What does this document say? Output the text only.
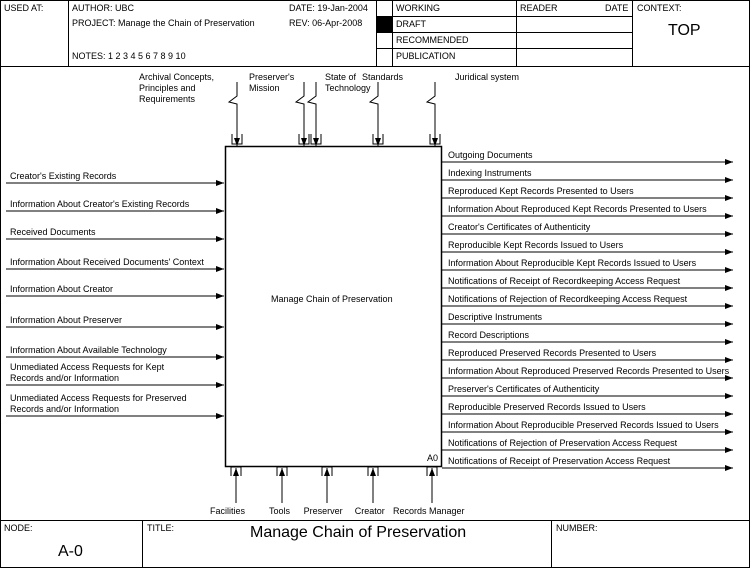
USED AT:	AUTHOR: UBC
PROJECT: Manage the Chain of Preservation
NOTES: 1 2 3 4 5 6 7 8 9 10
DATE: 19-Jan-2004
REV: 06-Apr-2008
WORKING
DRAFT
RECOMMENDED
PUBLICATION
READER	DATE CONTEXT:
TOP
Manage Chain of Preservation
A0
Archival Concepts,
Principles and
Requirements
Preserver's
Mission
State of
Technology
Standards	Juridical system
Creator's Existing Records
Information About Creator's Existing Records
Received Documents
Information About Received Documents' Context
Information About Creator
Information About Preserver
Information About Available Technology
Unmediated Access Requests for Kept
Records and/or Information
Unmediated Access Requests for Preserved
Records and/or Information
Outgoing Documents
Indexing Instruments
Reproduced Kept Records Presented to Users
Information About Reproduced Kept Records Presented to Users
Creator's Certificates of Authenticity
Reproducible Kept Records Issued to Users
Information About Reproducible Kept Records Issued to Users
Notifications of Receipt of Recordkeeping Access Request
Notifications of Rejection of Recordkeeping Access Request
Descriptive Instruments
Record Descriptions
Reproduced Preserved Records Presented to Users
Information About Reproduced Preserved Records Presented to Users
Preserver's Certificates of Authenticity
Reproducible Preserved Records Issued to Users
Information About Reproducible Preserved Records Issued to Users
Notifications of Rejection of Preservation Access Request
Notifications of Receipt of Preservation Access Request
Facilities	Tools Preserver Creator Records Manager
NODE:
A-0
TITLE:	Manage Chain of Preservation	NUMBER:
